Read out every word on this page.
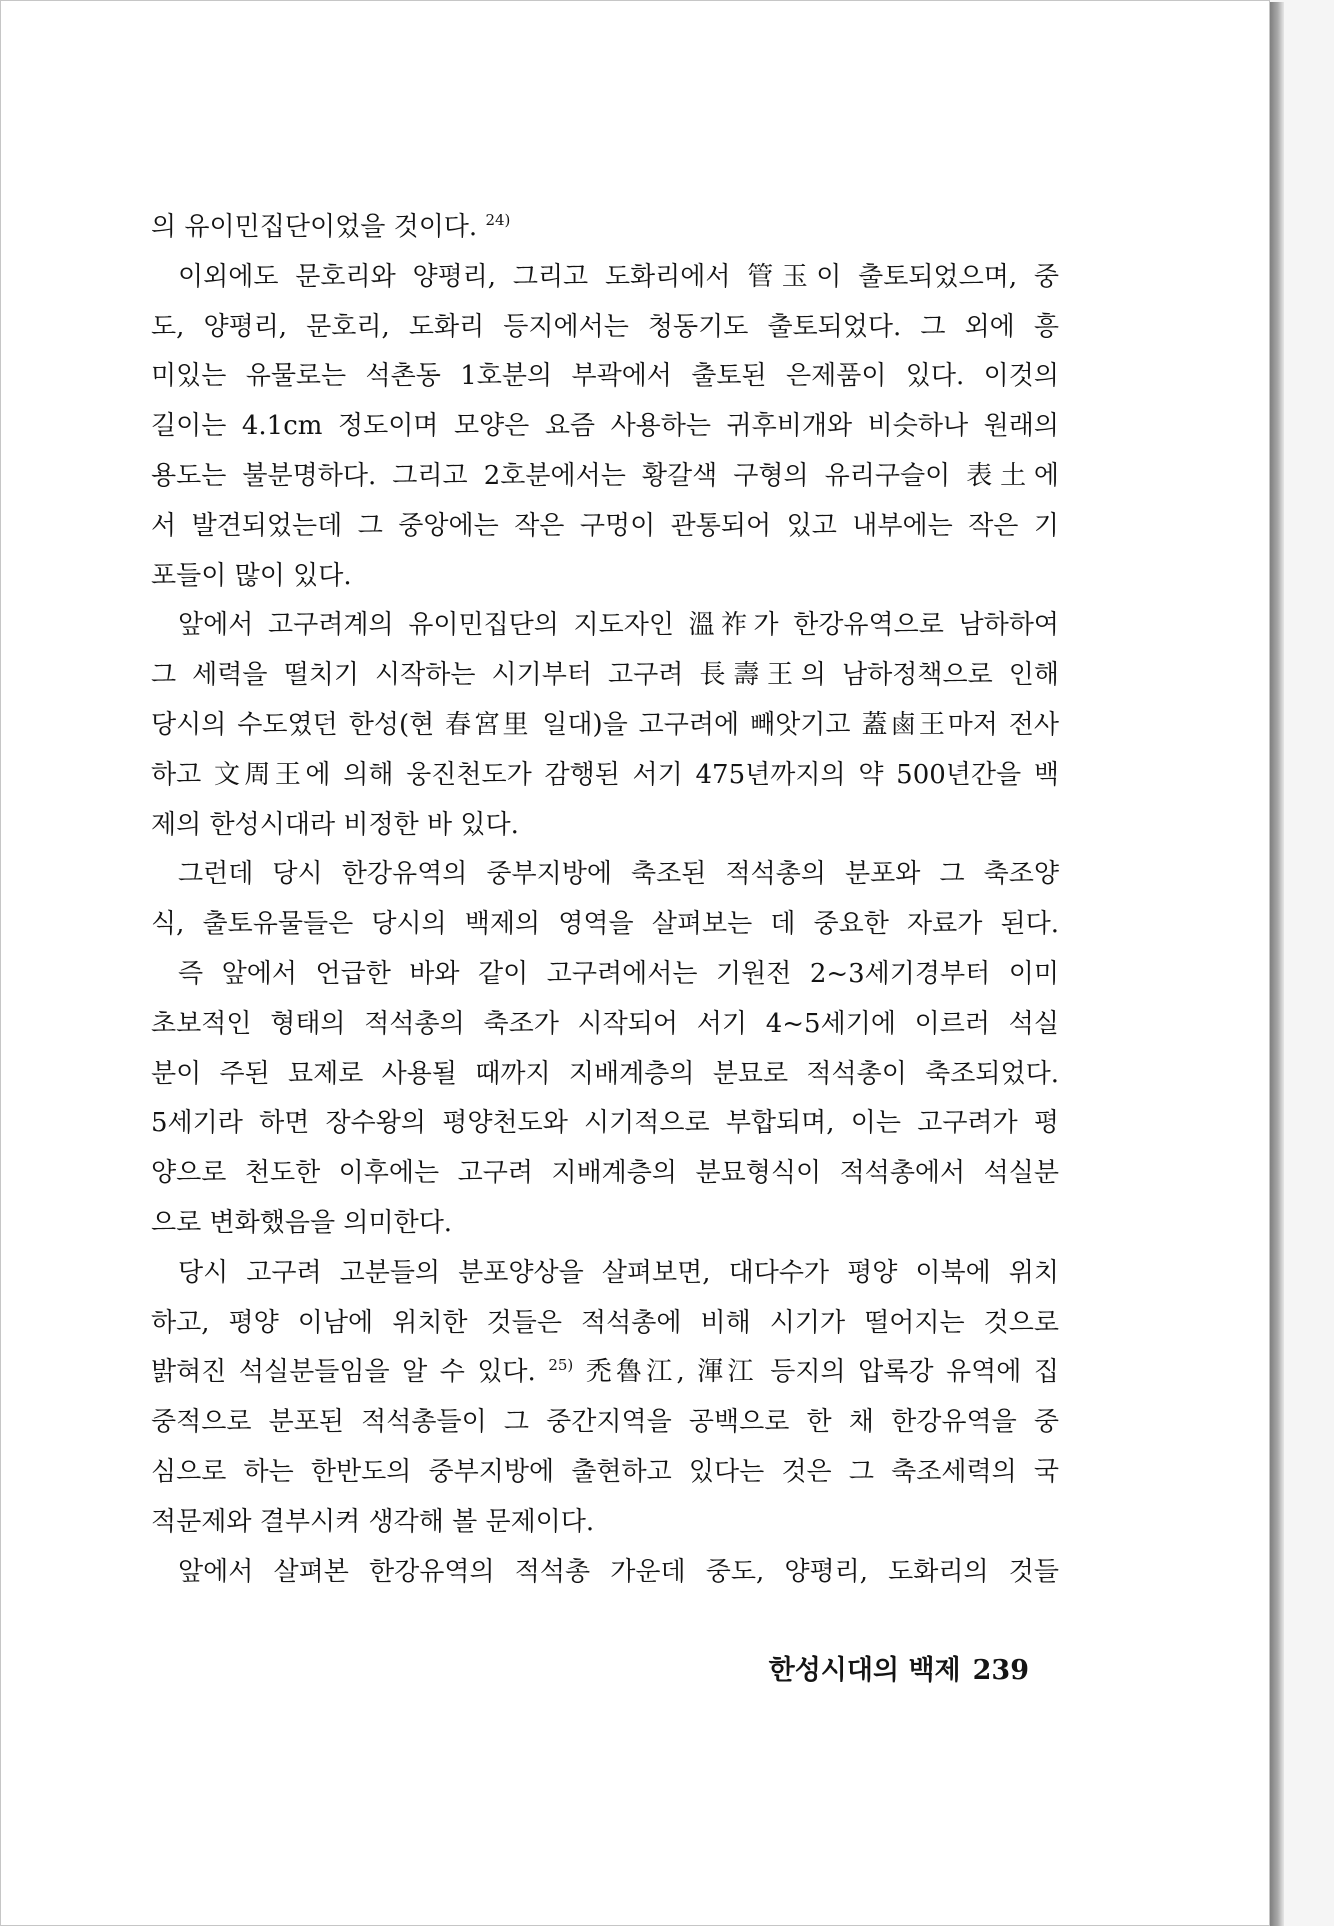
의 유이민집단이었을 것이다. $^{24)}$
이외에도 문호리와 양평리, 그리고 도화리에서 管玉이 출토되었으며, 중
도, 양평리, 문호리, 도화리 등지에서는 청동기도 출토되었다. 그 외에 흥
미있는 유물로는 석촌동 1호분의 부곽에서 출토된 은제품이 있다. 이것의
길이는 4.1cm 정도이며 모양은 요즘 사용하는 귀후비개와 비슷하나 원래의
용도는 불분명하다. 그리고 2호분에서는 황갈색 구형의 유리구슬이 表土에
서 발견되었는데 그 중앙에는 작은 구멍이 관통되어 있고 내부에는 작은 기
포들이 많이 있다.
앞에서 고구려계의 유이민집단의 지도자인 溫祚가 한강유역으로 남하하여
그 세력을 떨치기 시작하는 시기부터 고구려 長壽王의 남하정책으로 인해
당시의 수도였던 한성(현 春宮里 일대)을 고구려에 빼앗기고 蓋鹵王마저 전사
하고 文周王에 의해 웅진천도가 감행된 서기 475년까지의 약 500년간을 백
제의 한성시대라 비정한 바 있다.
그런데 당시 한강유역의 중부지방에 축조된 적석총의 분포와 그 축조양
식, 출토유물들은 당시의 백제의 영역을 살펴보는 데 중요한 자료가 된다.
즉 앞에서 언급한 바와 같이 고구려에서는 기원전 2~3세기경부터 이미
초보적인 형태의 적석총의 축조가 시작되어 서기 4~5세기에 이르러 석실
분이 주된 묘제로 사용될 때까지 지배계층의 분묘로 적석총이 축조되었다.
5세기라 하면 장수왕의 평양천도와 시기적으로 부합되며, 이는 고구려가 평
양으로 천도한 이후에는 고구려 지배계층의 분묘형식이 적석총에서 석실분
으로 변화했음을 의미한다.
당시 고구려 고분들의 분포양상을 살펴보면, 대다수가 평양 이북에 위치
하고, 평양 이남에 위치한 것들은 적석총에 비해 시기가 떨어지는 것으로
밝혀진 석실분들임을 알 수 있다. $^{25)}$ 禿魯江, 渾江 등지의 압록강 유역에 집
중적으로 분포된 적석총들이 그 중간지역을 공백으로 한 채 한강유역을 중
심으로 하는 한반도의 중부지방에 출현하고 있다는 것은 그 축조세력의 국
적문제와 결부시켜 생각해 볼 문제이다.
앞에서 살펴본 한강유역의 적석총 가운데 중도, 양평리, 도화리의 것들
한성시대의 백제 239
